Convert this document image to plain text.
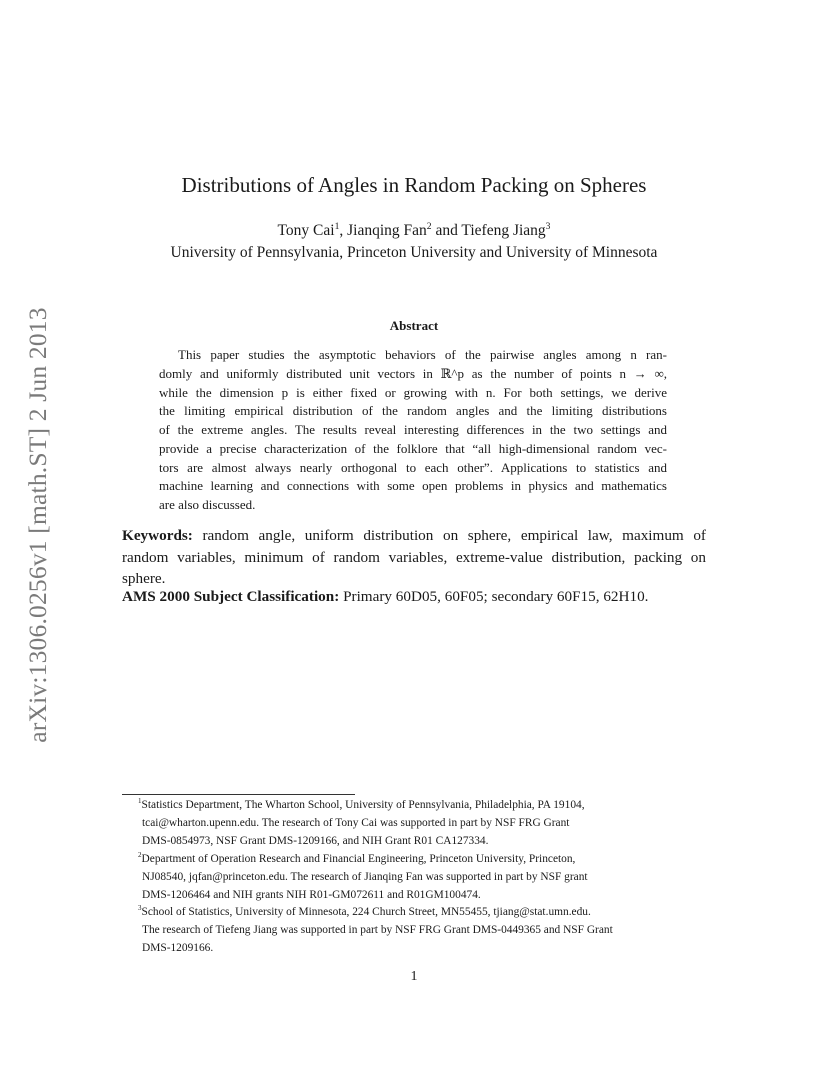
arXiv:1306.0256v1 [math.ST] 2 Jun 2013
Distributions of Angles in Random Packing on Spheres
Tony Cai$^1$, Jianqing Fan$^2$ and Tiefeng Jiang$^3$
University of Pennsylvania, Princeton University and University of Minnesota
Abstract
This paper studies the asymptotic behaviors of the pairwise angles among n ran-
domly and uniformly distributed unit vectors in ℝ^p as the number of points n → ∞,
while the dimension p is either fixed or growing with n. For both settings, we derive
the limiting empirical distribution of the random angles and the limiting distributions
of the extreme angles. The results reveal interesting differences in the two settings and
provide a precise characterization of the folklore that “all high-dimensional random vec-
tors are almost always nearly orthogonal to each other”. Applications to statistics and
machine learning and connections with some open problems in physics and mathematics
are also discussed.
Keywords: random angle, uniform distribution on sphere, empirical law, maximum of
random variables, minimum of random variables, extreme-value distribution, packing on
sphere.
AMS 2000 Subject Classification: Primary 60D05, 60F05; secondary 60F15, 62H10.
$^1$Statistics Department, The Wharton School, University of Pennsylvania, Philadelphia, PA 19104,
tcai@wharton.upenn.edu. The research of Tony Cai was supported in part by NSF FRG Grant
DMS-0854973, NSF Grant DMS-1209166, and NIH Grant R01 CA127334.
$^2$Department of Operation Research and Financial Engineering, Princeton University, Princeton,
NJ08540, jqfan@princeton.edu. The research of Jianqing Fan was supported in part by NSF grant
DMS-1206464 and NIH grants NIH R01-GM072611 and R01GM100474.
$^3$School of Statistics, University of Minnesota, 224 Church Street, MN55455, tjiang@stat.umn.edu.
The research of Tiefeng Jiang was supported in part by NSF FRG Grant DMS-0449365 and NSF Grant
DMS-1209166.
1
